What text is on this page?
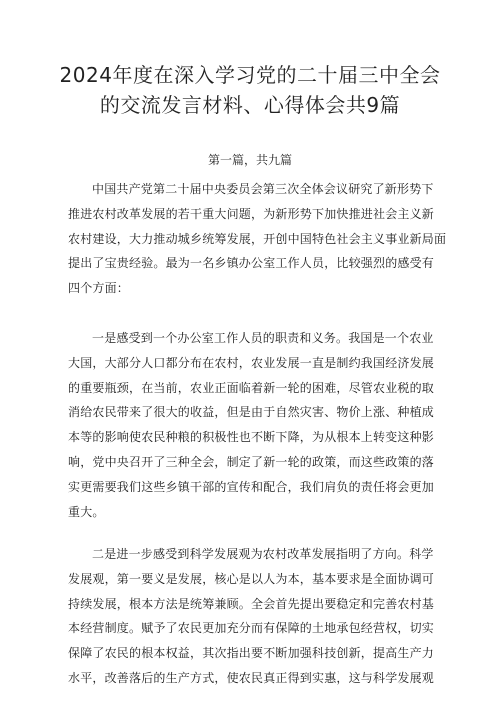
2024年度在深入学习党的二十届三中全会
的交流发言材料、心得体会共9篇
第一篇，共九篇
中国共产党第二十届中央委员会第三次全体会议研究了新形势下
推进农村改革发展的若干重大问题，为新形势下加快推进社会主义新
农村建设，大力推动城乡统筹发展，开创中国特色社会主义事业新局面
提出了宝贵经验。最为一名乡镇办公室工作人员，比较强烈的感受有
四个方面：
一是感受到一个办公室工作人员的职责和义务。我国是一个农业
大国，大部分人口都分布在农村，农业发展一直是制约我国经济发展
的重要瓶颈，在当前，农业正面临着新一轮的困难，尽管农业税的取
消给农民带来了很大的收益，但是由于自然灾害、物价上涨、种植成
本等的影响使农民种粮的积极性也不断下降，为从根本上转变这种影
响，党中央召开了三种全会，制定了新一轮的政策，而这些政策的落
实更需要我们这些乡镇干部的宣传和配合，我们肩负的责任将会更加
重大。
二是进一步感受到科学发展观为农村改革发展指明了方向。科学
发展观，第一要义是发展，核心是以人为本，基本要求是全面协调可
持续发展，根本方法是统筹兼顾。全会首先提出要稳定和完善农村基
本经营制度。赋予了农民更加充分而有保障的土地承包经营权，切实
保障了农民的根本权益，其次指出要不断加强科技创新，提高生产力
水平，改善落后的生产方式，使农民真正得到实惠，这与科学发展观
